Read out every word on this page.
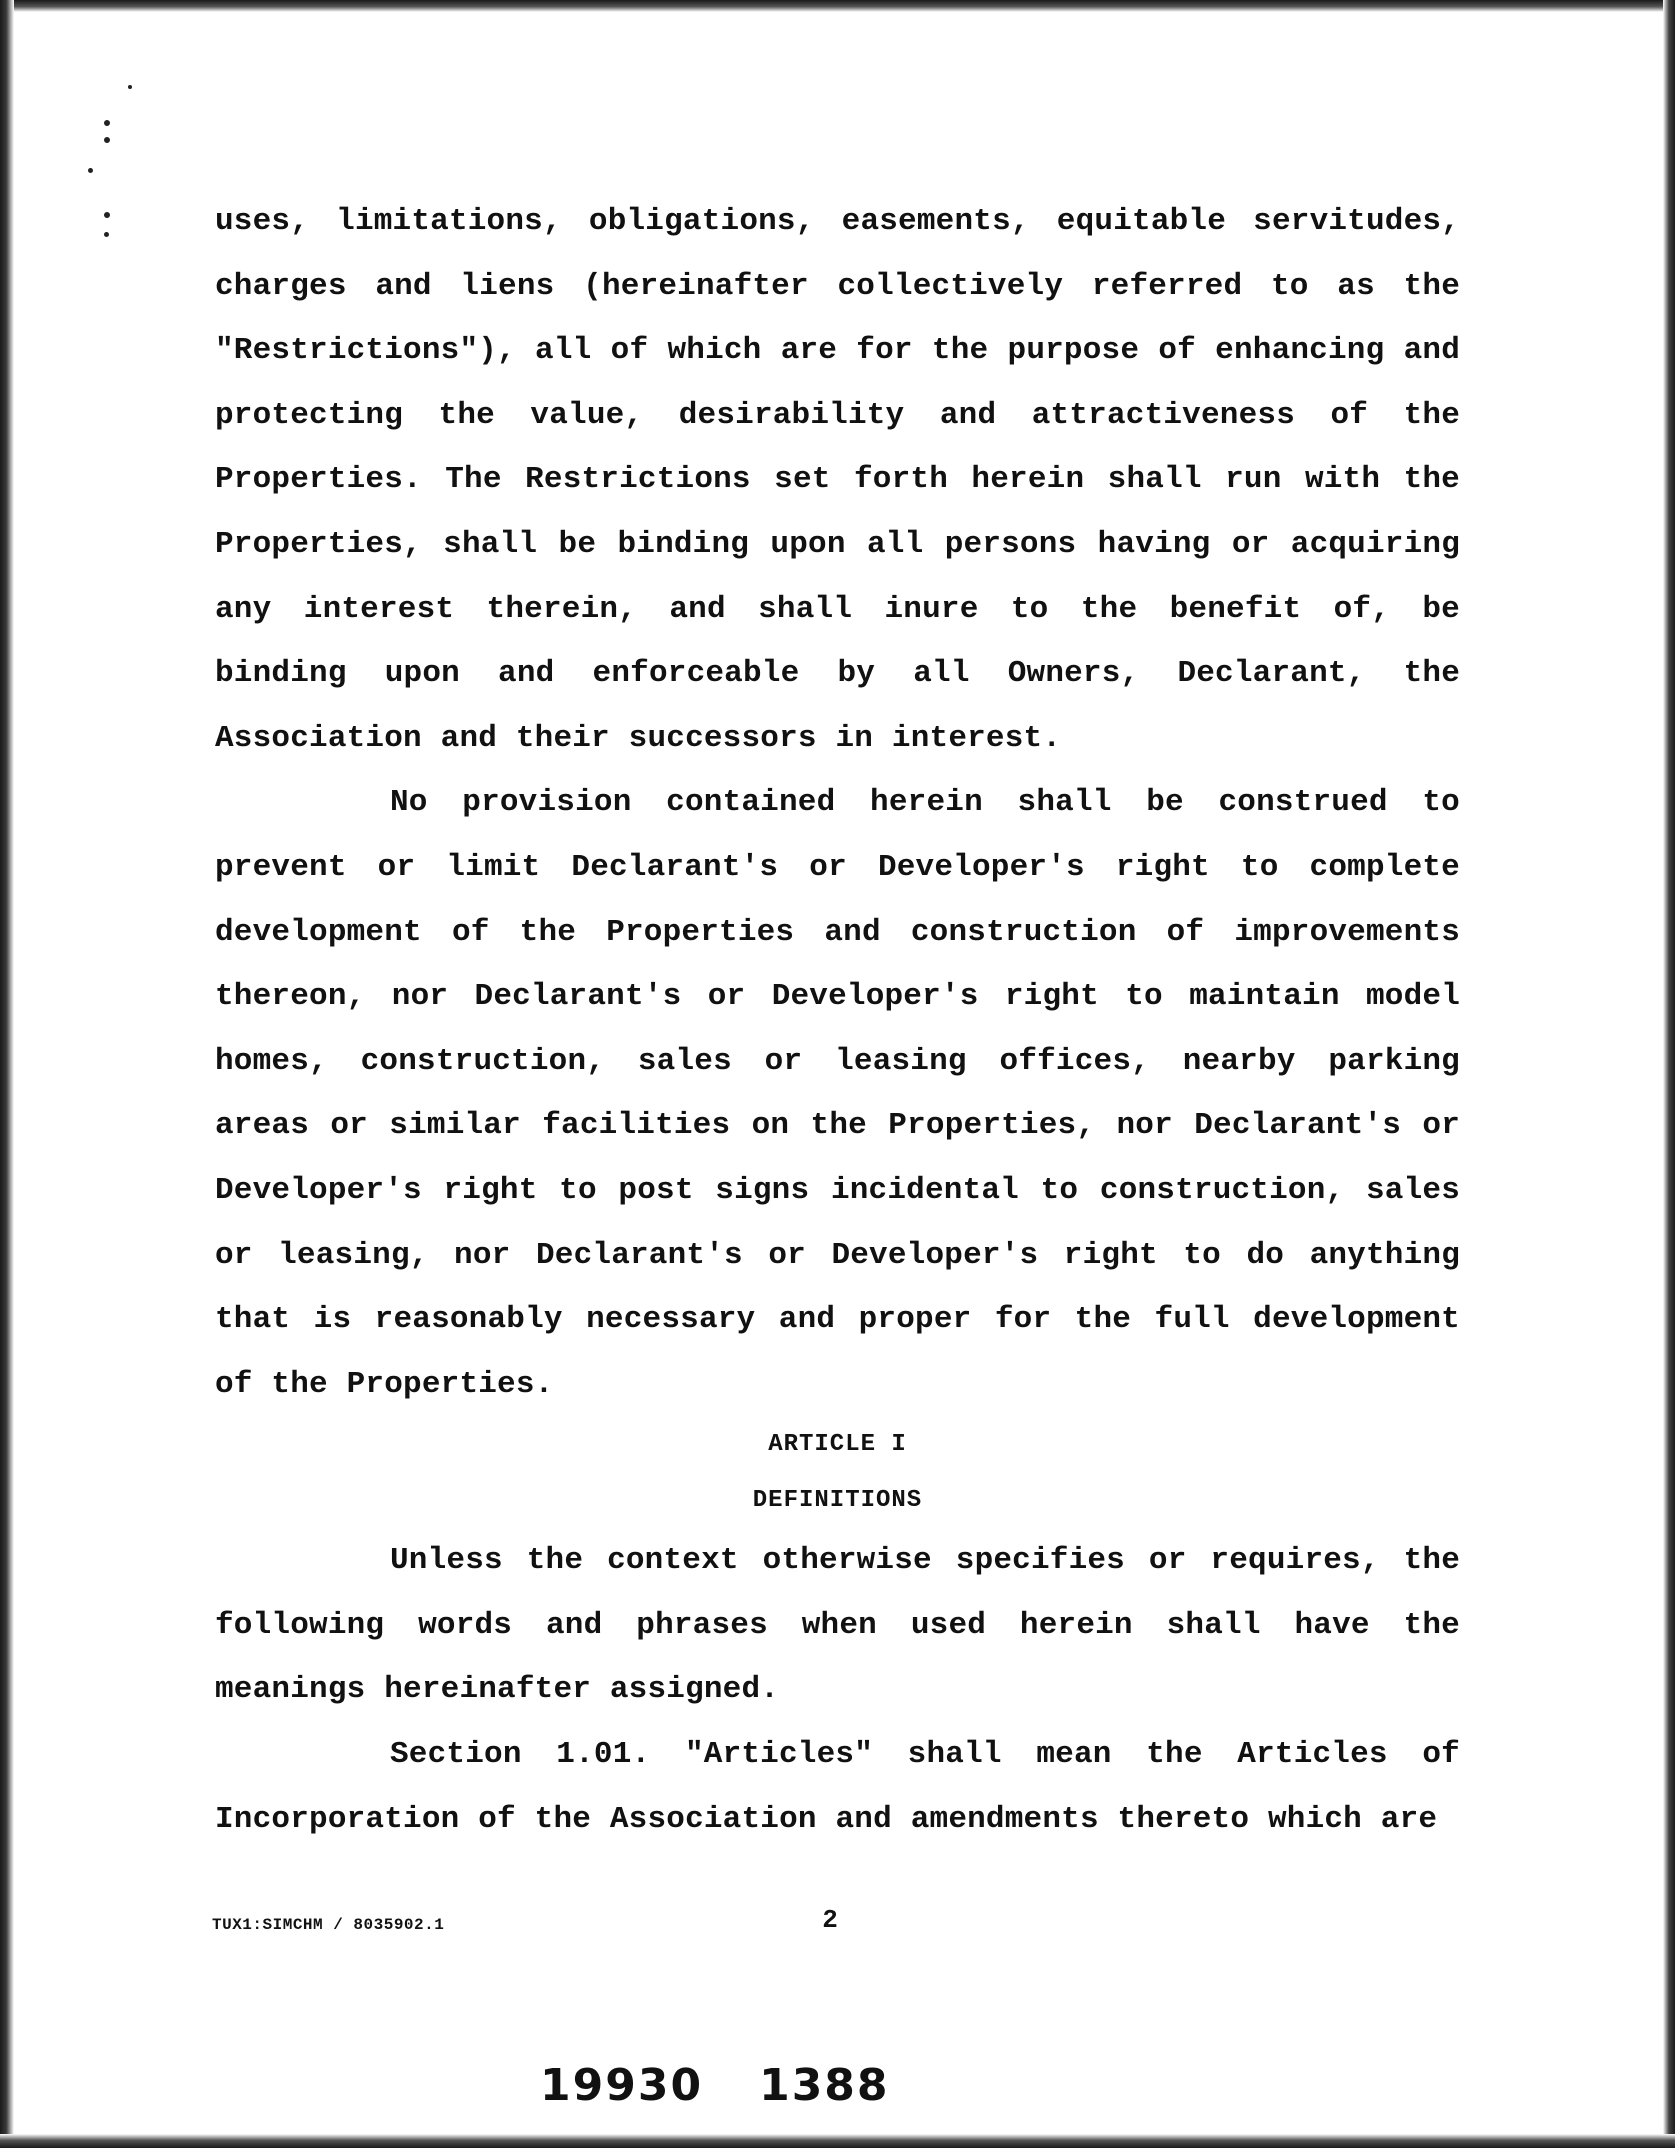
uses, limitations, obligations, easements, equitable servitudes, charges and liens (hereinafter collectively referred to as the "Restrictions"), all of which are for the purpose of enhancing and protecting the value, desirability and attractiveness of the Properties. The Restrictions set forth herein shall run with the Properties, shall be binding upon all persons having or acquiring any interest therein, and shall inure to the benefit of, be binding upon and enforceable by all Owners, Declarant, the Association and their successors in interest.

No provision contained herein shall be construed to prevent or limit Declarant's or Developer's right to complete development of the Properties and construction of improvements thereon, nor Declarant's or Developer's right to maintain model homes, construction, sales or leasing offices, nearby parking areas or similar facilities on the Properties, nor Declarant's or Developer's right to post signs incidental to construction, sales or leasing, nor Declarant's or Developer's right to do anything that is reasonably necessary and proper for the full development of the Properties.

ARTICLE I
DEFINITIONS

Unless the context otherwise specifies or requires, the following words and phrases when used herein shall have the meanings hereinafter assigned.

Section 1.01. "Articles" shall mean the Articles of Incorporation of the Association and amendments thereto which are

TUX1:SIMCHM / 8035902.1	2
19930 1388
